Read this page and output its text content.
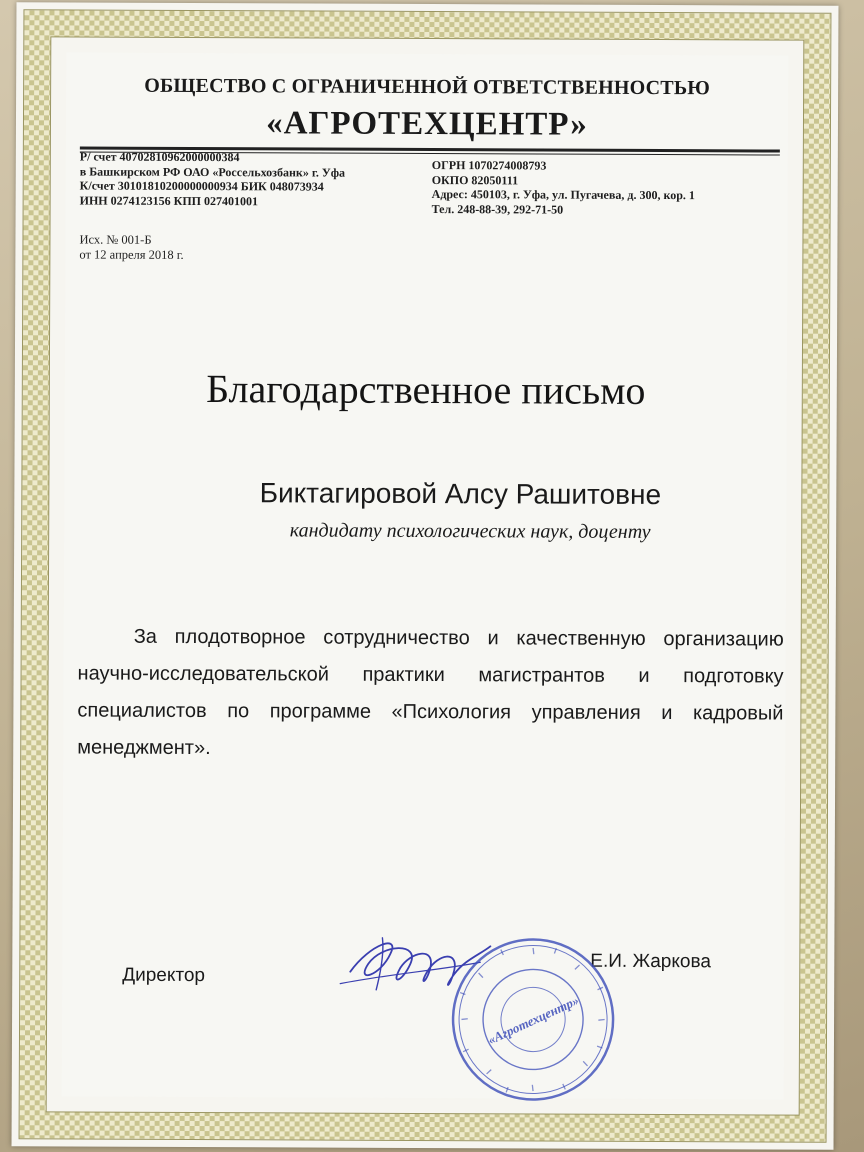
ОБЩЕСТВО С ОГРАНИЧЕННОЙ ОТВЕТСТВЕННОСТЬЮ
«АГРОТЕХЦЕНТР»
Р/ счет 40702810962000000384
в Башкирском РФ ОАО «Россельхозбанк» г. Уфа
К/счет 30101810200000000934 БИК 048073934
ИНН 0274123156 КПП 027401001
ОГРН 1070274008793
ОКПО 82050111
Адрес: 450103, г. Уфа, ул. Пугачева, д. 300, кор. 1
Тел. 248-88-39, 292-71-50
Исх. № 001-Б
от 12 апреля 2018 г.
Благодарственное письмо
Биктагировой Алсу Рашитовне
кандидату психологических наук, доценту
За плодотворное сотрудничество и качественную организацию научно-исследовательской практики магистрантов и подготовку специалистов по программе «Психология управления и кадровый менеджмент».
Директор
Е.И. Жаркова
«Агротехцентр»
